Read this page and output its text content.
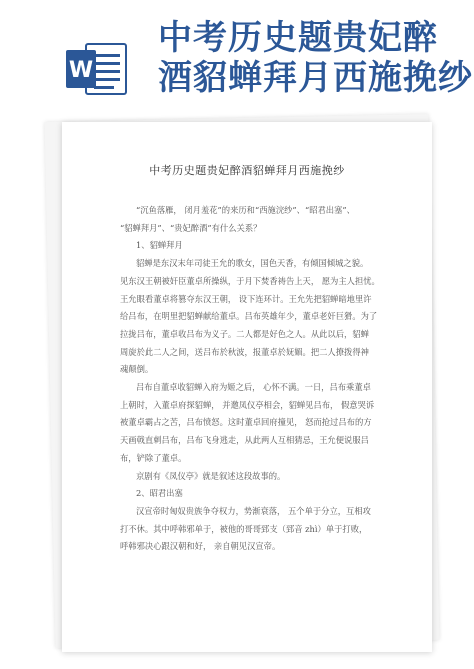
W
中考历史题贵妃醉
酒貂蝉拜月西施挽纱
中考历史题贵妃醉酒貂蝉拜月西施挽纱

“沉鱼落雁， 闭月羞花”的来历和“西施浣纱”、“昭君出塞”、

“貂蝉拜月”、“贵妃醉酒”有什么关系？

1、貂蝉拜月

貂蝉是东汉末年司徒王允的歌女，国色天香，有倾国倾城之貌。

见东汉王朝被奸臣董卓所操纵，于月下焚香祷告上天， 愿为主人担忧。

王允眼看董卓将篡夺东汉王朝， 设下连环计。王允先把貂蝉暗地里许

给吕布，在明里把貂蝉献给董卓。吕布英雄年少，董卓老奸巨猾。为了

拉拢吕布，董卓收吕布为义子。二人都是好色之人。从此以后，貂蝉

周旋於此二人之间，送吕布於秋波，报董卓於妩媚。把二人撩拨得神

魂颠倒。

吕布自董卓收貂蝉入府为姬之后， 心怀不满。一日，吕布乘董卓

上朝时，入董卓府探貂蝉， 并邀凤仪亭相会，貂蝉见吕布， 假意哭诉

被董卓霸占之苦，吕布愤怒。这时董卓回府撞见， 怒而抢过吕布的方

天画戟直刺吕布，吕布飞身逃走，从此两人互相猜忌，王允便说服吕

布，铲除了董卓。

京剧有《凤仪亭》就是叙述这段故事的。

2、昭君出塞

汉宣帝时匈奴贵族争夺权力，势渐衰落， 五个单于分立，互相攻

打不休。其中呼韩邪单于，被他的哥哥郅支（郅音 zhì）单于打败，

呼韩邪决心跟汉朝和好， 亲自朝见汉宣帝。
